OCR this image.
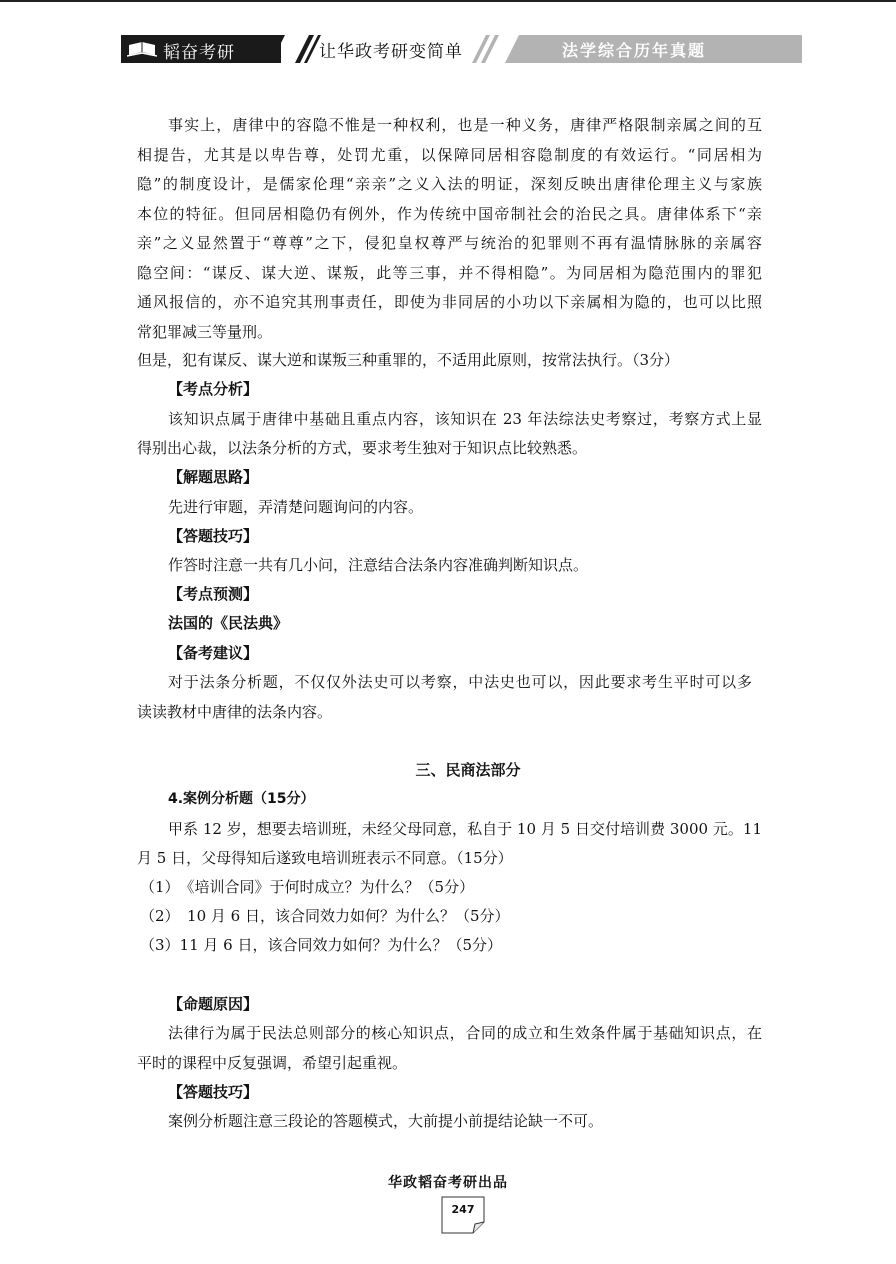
韬奋考研	让华政考研变简单	法学综合历年真题
事实上，唐律中的容隐不惟是一种权利，也是一种义务，唐律严格限制亲属之间的互
相提告，尤其是以卑告尊，处罚尤重，以保障同居相容隐制度的有效运行。“同居相为
隐”的制度设计，是儒家伦理“亲亲”之义入法的明证，深刻反映出唐律伦理主义与家族
本位的特征。但同居相隐仍有例外，作为传统中国帝制社会的治民之具。唐律体系下“亲
亲”之义显然置于“尊尊”之下，侵犯皇权尊严与统治的犯罪则不再有温情脉脉的亲属容
隐空间：“谋反、谋大逆、谋叛，此等三事，并不得相隐”。为同居相为隐范围内的罪犯
通风报信的，亦不追究其刑事责任，即使为非同居的小功以下亲属相为隐的，也可以比照
常犯罪减三等量刑。
但是，犯有谋反、谋大逆和谋叛三种重罪的，不适用此原则，按常法执行。（3分）
【考点分析】
该知识点属于唐律中基础且重点内容，该知识在 23 年法综法史考察过，考察方式上显
得别出心裁，以法条分析的方式，要求考生独对于知识点比较熟悉。
【解题思路】
先进行审题，弄清楚问题询问的内容。
【答题技巧】
作答时注意一共有几小问，注意结合法条内容准确判断知识点。
【考点预测】
法国的《民法典》
【备考建议】
对于法条分析题，不仅仅外法史可以考察，中法史也可以，因此要求考生平时可以多
读读教材中唐律的法条内容。
三、民商法部分
4.案例分析题（15分）
甲系 12 岁，想要去培训班，未经父母同意，私自于 10 月 5 日交付培训费 3000 元。11
月 5 日，父母得知后遂致电培训班表示不同意。（15分）
（1）　《培训合同》于何时成立？为什么？（5分）
（2）　10 月 6 日，该合同效力如何？为什么？（5分）
（3）11 月 6 日，该合同效力如何？为什么？（5分）
【命题原因】
法律行为属于民法总则部分的核心知识点，合同的成立和生效条件属于基础知识点，在
平时的课程中反复强调，希望引起重视。
【答题技巧】
案例分析题注意三段论的答题模式，大前提小前提结论缺一不可。
华政韬奋考研出品
247
